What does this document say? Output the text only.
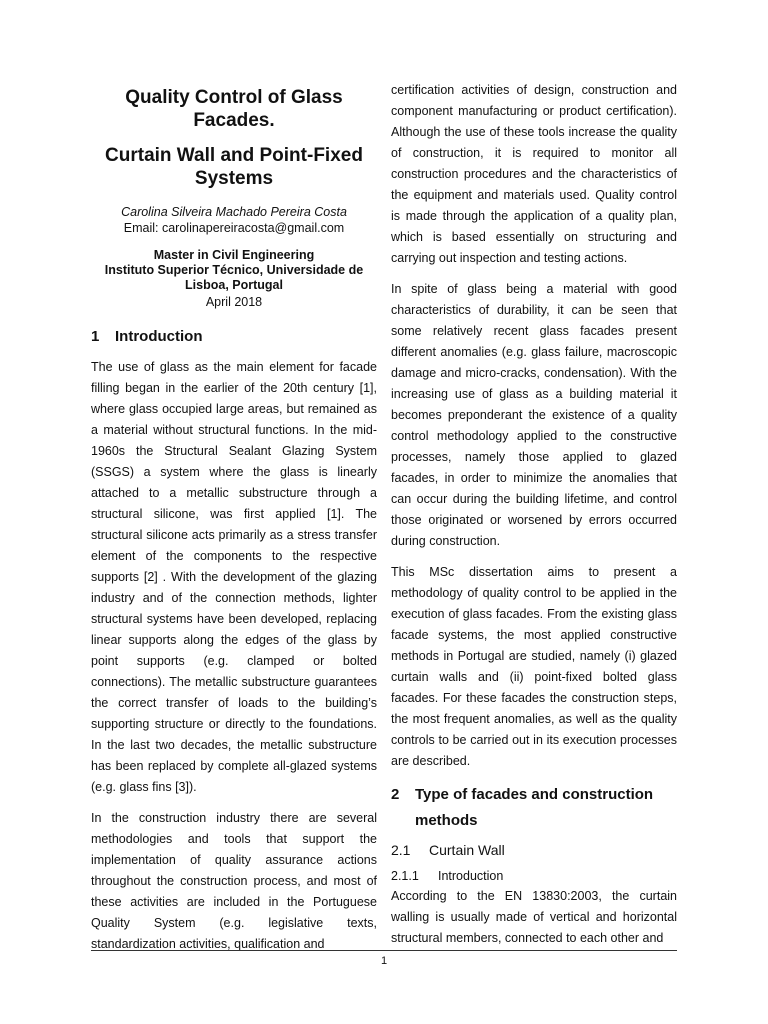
Quality Control of Glass Facades.
Curtain Wall and Point-Fixed Systems
Carolina Silveira Machado Pereira Costa
Email: carolinapereiracosta@gmail.com
Master in Civil Engineering
Instituto Superior Técnico, Universidade de Lisboa, Portugal
April 2018
1 Introduction

The use of glass as the main element for facade filling began in the earlier of the 20th century [1], where glass occupied large areas, but remained as a material without structural functions. In the mid-1960s the Structural Sealant Glazing System (SSGS) a system where the glass is linearly attached to a metallic substructure through a structural silicone, was first applied [1]. The structural silicone acts primarily as a stress transfer element of the components to the respective supports [2] . With the development of the glazing industry and of the connection methods, lighter structural systems have been developed, replacing linear supports along the edges of the glass by point supports (e.g. clamped or bolted connections). The metallic substructure guarantees the correct transfer of loads to the building’s supporting structure or directly to the foundations. In the last two decades, the metallic substructure has been replaced by complete all-glazed systems (e.g. glass fins [3]).

In the construction industry there are several methodologies and tools that support the implementation of quality assurance actions throughout the construction process, and most of these activities are included in the Portuguese Quality System (e.g. legislative texts, standardization activities, qualification and

certification activities of design, construction and component manufacturing or product certification). Although the use of these tools increase the quality of construction, it is required to monitor all construction procedures and the characteristics of the equipment and materials used. Quality control is made through the application of a quality plan, which is based essentially on structuring and carrying out inspection and testing actions.

In spite of glass being a material with good characteristics of durability, it can be seen that some relatively recent glass facades present different anomalies (e.g. glass failure, macroscopic damage and micro-cracks, condensation). With the increasing use of glass as a building material it becomes preponderant the existence of a quality control methodology applied to the constructive processes, namely those applied to glazed facades, in order to minimize the anomalies that can occur during the building lifetime, and control those originated or worsened by errors occurred during construction.

This MSc dissertation aims to present a methodology of quality control to be applied in the execution of glass facades. From the existing glass facade systems, the most applied constructive methods in Portugal are studied, namely (i) glazed curtain walls and (ii) point-fixed bolted glass facades. For these facades the construction steps, the most frequent anomalies, as well as the quality controls to be carried out in its execution processes are described.

2	Type of facades and construction methods
2.1 Curtain Wall
2.1.1 Introduction

According to the EN 13830:2003, the curtain walling is usually made of vertical and horizontal structural members, connected to each other and

1
